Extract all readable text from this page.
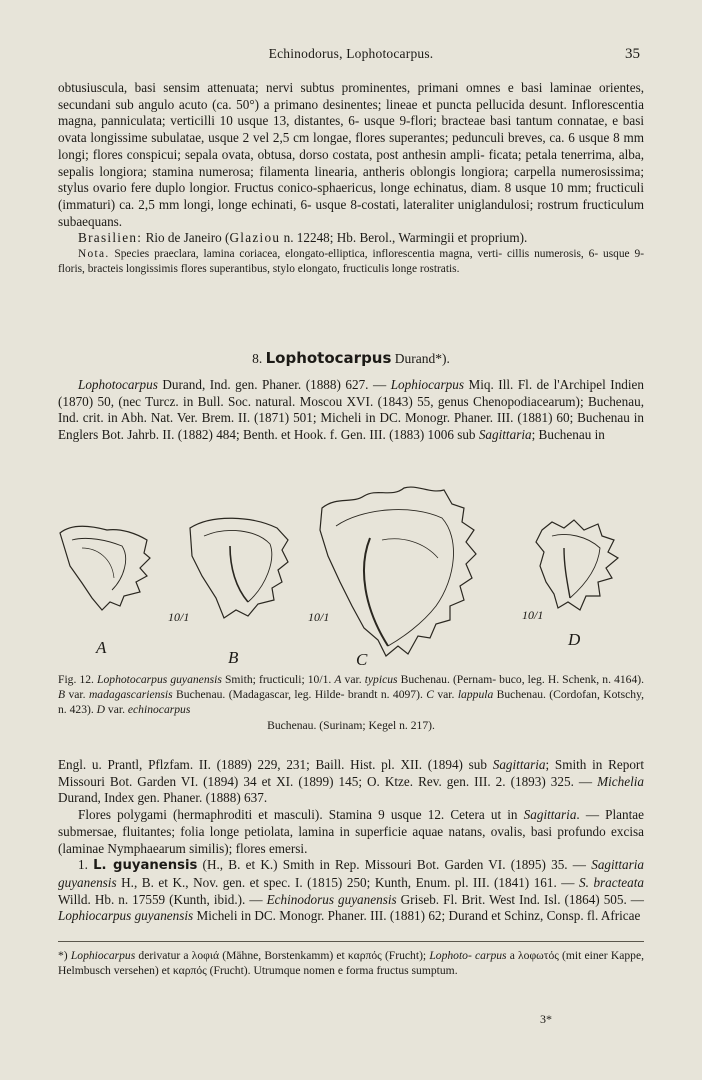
Echinodorus, Lophotocarpus.	35

obtusiuscula, basi sensim attenuata; nervi subtus prominentes, primani omnes e basi laminae orientes, secundani sub angulo acuto (ca. 50°) a primano desinentes; lineae et puncta pellucida desunt. Inflorescentia magna, panniculata; verticilli 10 usque 13, distantes, 6- usque 9-flori; bracteae basi tantum connatae, e basi ovata longissime subulatae, usque 2 vel 2,5 cm longae, flores superantes; pedunculi breves, ca. 6 usque 8 mm longi; flores conspicui; sepala ovata, obtusa, dorso costata, post anthesin ampli- ficata; petala tenerrima, alba, sepalis longiora; stamina numerosa; filamenta linearia, antheris oblongis longiora; carpella numerosissima; stylus ovario fere duplo longior. Fructus conico-sphaericus, longe echinatus, diam. 8 usque 10 mm; fructiculi (immaturi) ca. 2,5 mm longi, longe echinati, 6- usque 8-costati, lateraliter uniglandulosi; rostrum fructiculum subaequans.

Brasilien: Rio de Janeiro (Glaziou n. 12248; Hb. Berol., Warmingii et proprium).

Nota. Species praeclara, lamina coriacea, elongato-elliptica, inflorescentia magna, verti- cillis numerosis, 6- usque 9-floris, bracteis longissimis flores superantibus, stylo elongato, fructiculis longe rostratis.

8. Lophotocarpus Durand*).

Lophotocarpus Durand, Ind. gen. Phaner. (1888) 627. — Lophiocarpus Miq. Ill. Fl. de l'Archipel Indien (1870) 50, (nec Turcz. in Bull. Soc. natural. Moscou XVI. (1843) 55, genus Chenopodiacearum); Buchenau, Ind. crit. in Abh. Nat. Ver. Brem. II. (1871) 501; Micheli in DC. Monogr. Phaner. III. (1881) 60; Buchenau in Englers Bot. Jahrb. II. (1882) 484; Benth. et Hook. f. Gen. III. (1883) 1006 sub Sagittaria; Buchenau in

A
10/1
B
10/1
C
10/1
D
Fig. 12. Lophotocarpus guyanensis Smith; fructiculi; 10/1. A var. typicus Buchenau. (Pernam- buco, leg. H. Schenk, n. 4164). B var. madagascariensis Buchenau. (Madagascar, leg. Hilde- brandt n. 4097). C var. lappula Buchenau. (Cordofan, Kotschy, n. 423). D var. echinocarpus
Buchenau. (Surinam; Kegel n. 217).

Engl. u. Prantl, Pflzfam. II. (1889) 229, 231; Baill. Hist. pl. XII. (1894) sub Sagittaria; Smith in Report Missouri Bot. Garden VI. (1894) 34 et XI. (1899) 145; O. Ktze. Rev. gen. III. 2. (1893) 325. — Michelia Durand, Index gen. Phaner. (1888) 637.

Flores polygami (hermaphroditi et masculi). Stamina 9 usque 12. Cetera ut in Sagittaria. — Plantae submersae, fluitantes; folia longe petiolata, lamina in superficie aquae natans, ovalis, basi profundo excisa (laminae Nymphaearum similis); flores emersi.

1. L. guyanensis (H., B. et K.) Smith in Rep. Missouri Bot. Garden VI. (1895) 35. — Sagittaria guyanensis H., B. et K., Nov. gen. et spec. I. (1815) 250; Kunth, Enum. pl. III. (1841) 161. — S. bracteata Willd. Hb. n. 17559 (Kunth, ibid.). — Echinodorus guyanensis Griseb. Fl. Brit. West Ind. Isl. (1864) 505. — Lophiocarpus guyanensis Micheli in DC. Monogr. Phaner. III. (1881) 62; Durand et Schinz, Consp. fl. Africae

*) Lophiocarpus derivatur a λοφιά (Mähne, Borstenkamm) et καρπός (Frucht); Lophoto- carpus a λοφωτός (mit einer Kappe, Helmbusch versehen) et καρπός (Frucht). Utrumque nomen e forma fructus sumptum.
3*
